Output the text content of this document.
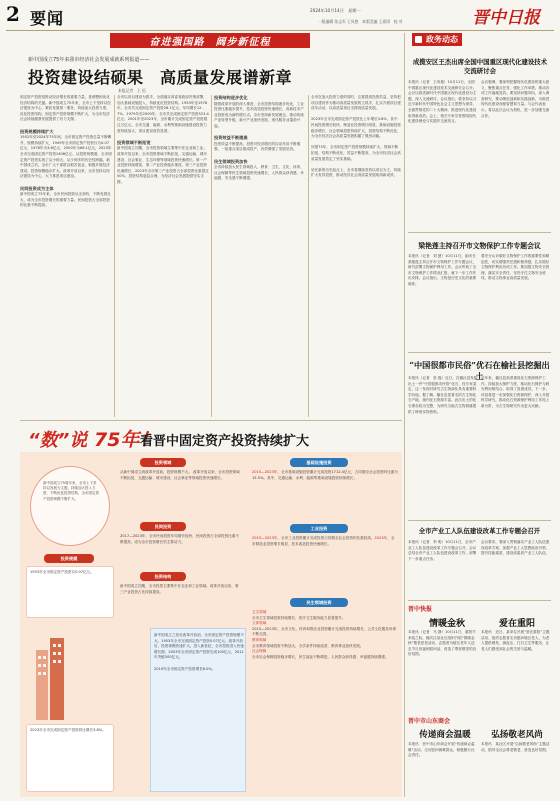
2 要闻	2024年10月14日　星期一
一版编辑 张志军 王凤艳　本版美编 王嘉琪　校 对	晋中日报
奋进强国路　阔步新征程
新中国成立75年来我市经济社会发展成就系列报道——
投资建设结硕果　高质量发展谱新章
本报记者　王 倍
固定资产投资是推动经济增长的重要力量，是调整和优化经济结构的关键。新中国成立75年来，全市上下坚持以经济建设为中心，紧扣发展第一要务，持续加大投资力度，优化投资结构，固定资产投资规模不断扩大，为全市经济社会持续健康发展提供了有力支撑。

投资规模持续扩大
1952年至2024年75年间，全市固定资产投资总量不断攀升，规模持续扩大，1949年全市固定资产投资仅为0.07亿元，1978年为3.6亿元，2000年为66.1亿元，2023年全市完成固定资产投资1406亿元。从投资规模看，全市固定资产投资实现了从小到大、从少到多的历史性跨越。新中国成立后，全市广大干部群众艰苦创业，积极开展经济建设，投资规模稳步扩大。改革开放以来，全市坚持以经济建设为中心，大力推进项目建设。

民间投资成为主体
新中国成立75年来，全市民间投资从无到有，不断发展壮大，成为全市投资增长的重要力量。民间投资占全部投资的比重不断提高。
全市以项目建设为抓手，全面落实省委省政府决策部署，加大基础设施投入，持续优化投资结构。1953年至1978年，全市共完成固定资产投资28.1亿元，年均增长12.7%；1979年至2000年，全市共完成固定资产投资523.4亿元；2001年至2023年，全市累计完成固定资产投资超过万亿元。全市交通、能源、水利等基础设施建设投资力度持续加大，项目建设成效显著。

投资领域不断拓宽
新中国成立初期，全市投资领域主要集中在农业和工业。改革开放以来，全市投资领域不断拓宽，交通运输、城市建设、社会事业、生态环保等领域投资快速增长。第一产业投资持续增加，第二产业投资稳步推进，第三产业投资迅速增长，2023年全市第三产业投资占全部投资比重超过50%，投资结构更趋合理，为经济社会发展提供坚实支撑。
投资结构逐步优化
随着改革开放的深入推进，全市投资结构逐步优化，工业投资比重稳步提升，技术改造投资快速增长，高新技术产业投资成为新的增长点。全市坚持新发展理念，推动传统产业转型升级，新兴产业加快发展，现代服务业蓬勃兴起。

投资效益不断提高
投资效益不断提高，投资对经济增长的拉动作用不断增强，一批重点项目建成投产，有效增强了发展后劲。

民生领域投资加快
全市持续加大民生领域投入，教育、卫生、文化、体育、社会保障等民生领域投资快速增长，人民群众获得感、幸福感、安全感不断增强。
全市在加大投资力度的同时，注重提高投资效益，坚持把项目建设作为推动高质量发展的主抓手，扎实开展项目建设年活动，以高质量项目支撑高质量发展。

2023年全市完成固定资产投资比上年增长3.8%，其中民间投资增长较快，制造业投资增长明显，基础设施投资稳步增长，社会领域投资持续扩大，投资结构不断优化，为全市经济社会高质量发展积蓄了强劲动能。

回望75年，全市固定资产投资规模持续扩大，领域不断拓宽，结构不断优化，效益不断提高，为全市经济社会高质量发展奠定了坚实基础。

站在新的历史起点上，全市将继续坚持以项目为王，持续扩大有效投资，推动经济社会高质量发展取得新成效。
政务动态
成揽安区王杰出席全国中国重区现代化建设技术交流研讨会
本报讯（记者　王凤艳）10月11日，全国中国重区现代化建设技术交流研讨会召开。会议以推进新时代中国重区现代化建设为主题，深入交流研讨。会议指出，要坚持以习近平新时代中国特色社会主义思想为指导，全面贯彻党的二十大精神，推进现代化建设取得新成效。会上，相关专家学者围绕现代化建设理论与实践作交流发言。
会议强调，要深刻把握现代化建设的重大意义，聚焦重点任务，强化工作举措，推动各项工作落地见效。要坚持问题导向，深入调查研究，推动理论创新和实践创新，为推进现代化建设贡献智慧和力量。与会代表表示，将以此次会议为契机，进一步加强交流合作。
梁艳莲主持召开市文物保护工作专题会议
本报讯（记者　刘 慧）10月11日，副市长梁艳莲主持召开市文物保护工作专题会议，研究部署文物保护利用工作。会议听取了全市文物保护工作情况汇报，就下一步工作作出安排。会议指出，文物是历史文化的重要载体。
要充分认识做好文物保护工作的重要性和紧迫性，切实增强责任感和使命感，扎实做好文物保护利用各项工作。要加强文物安全管理，落实安全责任，坚决守住文物安全底线，推动文物事业高质量发展。
“中国很都市民俗”优石在榆社县挖掘出土
本报讯（记者　张 磊）近日，在榆社县发掘出土一件“中国很都市民俗”化石，经专家鉴定，这一发现对研究古生物演化具有重要科学价值。据了解，榆社县是著名的古生物化石产地，境内化石资源丰富。此次出土的化石保存较为完整，为研究当地古生物群落提供了珍贵实物资料。
近年来，榆社县高度重视化石资源保护工作，持续加大保护力度，推动化石保护与研究利用相结合，取得了显著成效。下一步，该县将进一步加强化石资源保护，深入开展科学研究，推动化石资源保护利用工作再上新台阶，为古生物研究作出更大贡献。
全市产业工人队伍建设改革工作专题会召开
本报讯（记者　李 明）10月11日，全市产业工人队伍建设改革工作专题会召开，会议总结全市产业工人队伍建设改革工作，部署下一步重点任务。
会议要求，要深入贯彻落实产业工人队伍建设改革方案，加强产业工人思想政治引领，提升技能素质，建设高素质产业工人队伍。
晋中快报
情暖金秋
本报讯（记者　马 静）10月11日，重阳节来临之际，榆次区某社区组织开展“情暖金秋”敬老爱老活动，志愿者为辖区老年人送去节日祝福和慰问品，营造了尊老敬老的良好氛围。
爱在重阳
本报讯　近日，某单位开展“爱在重阳”主题活动，组织志愿者走访慰问辖区老人，为老人提供理发、测血压、打扫卫生等服务，让老人们感受到社会的关爱与温暖。
晋中市山东商会
传递商会温暖
本报讯　晋中市山东商会开展“传递商会温暖”活动，走访慰问困难群众，积极履行社会责任。
弘扬敬老风尚
本报讯　某社区开展“弘扬敬老风尚”主题活动，倡导全社会尊老敬老，营造良好氛围。
“数”说 75年！
看晋中固定资产投资持续扩大
新中国成立75周年来，全市上下坚持以发展为主题，持续加大投入力度，不断优化投资结构，全市固定资产投资规模不断扩大。
投资规模
1953年全市固定资产投资仅0.07亿元。
2023年全市完成固定资产投资同比增长3.8%。
投资领域
从新中国成立到改革开放前，投资规模不大。 改革开放以来，全市投资领域不断拓宽，交通运输、城市建设、社会事业等领域投资快速增长。
民间投资
2017—2023年，全市民间投资年均增长较快，民间投资占全部投资比重不断提高，成为全市投资增长的主要动力。
投资结构
新中国成立初期，全市投资主要集中在农业和工业领域。改革开放以来，第三产业投资占比持续提高。
新中国成立之初至改革开放前，全市固定资产投资规模不大。1953年全市完成固定资产投资0.07亿元。改革开放后，投资规模快速扩大。进入新世纪，全市投资进入快速增长期，2003年全市固定资产投资完成100亿元，2011年突破500亿元。

2019年全市固定资产投资增长8.0%。
基础设施投资
2015—2023年，全市基础设施投资累计完成投资1712.4亿元，占同期全社会投资的比重为15.5%。其中，交通运输、水利、能源等基础设施投资持续增长。
工业投资
2015—2023年，全市工业投资累计完成投资占同期全社会投资的比重较高。2023年，全市制造业投资增长明显，技术改造投资快速增长。
民生领域投资
卫生领域
全市卫生领域投资持续增长，医疗卫生服务能力显著提升。
文体领域
2015—2023年，全市文化、体育和娱乐业投资累计完成投资持续增长，公共文化服务体系不断完善。
教育领域
全市教育领域投资不断加大，办学条件持续改善，教育事业加快发展。
社会保障
全市社会保障投资稳步增长，民生福祉不断增进，人民群众获得感、幸福感持续增强。
